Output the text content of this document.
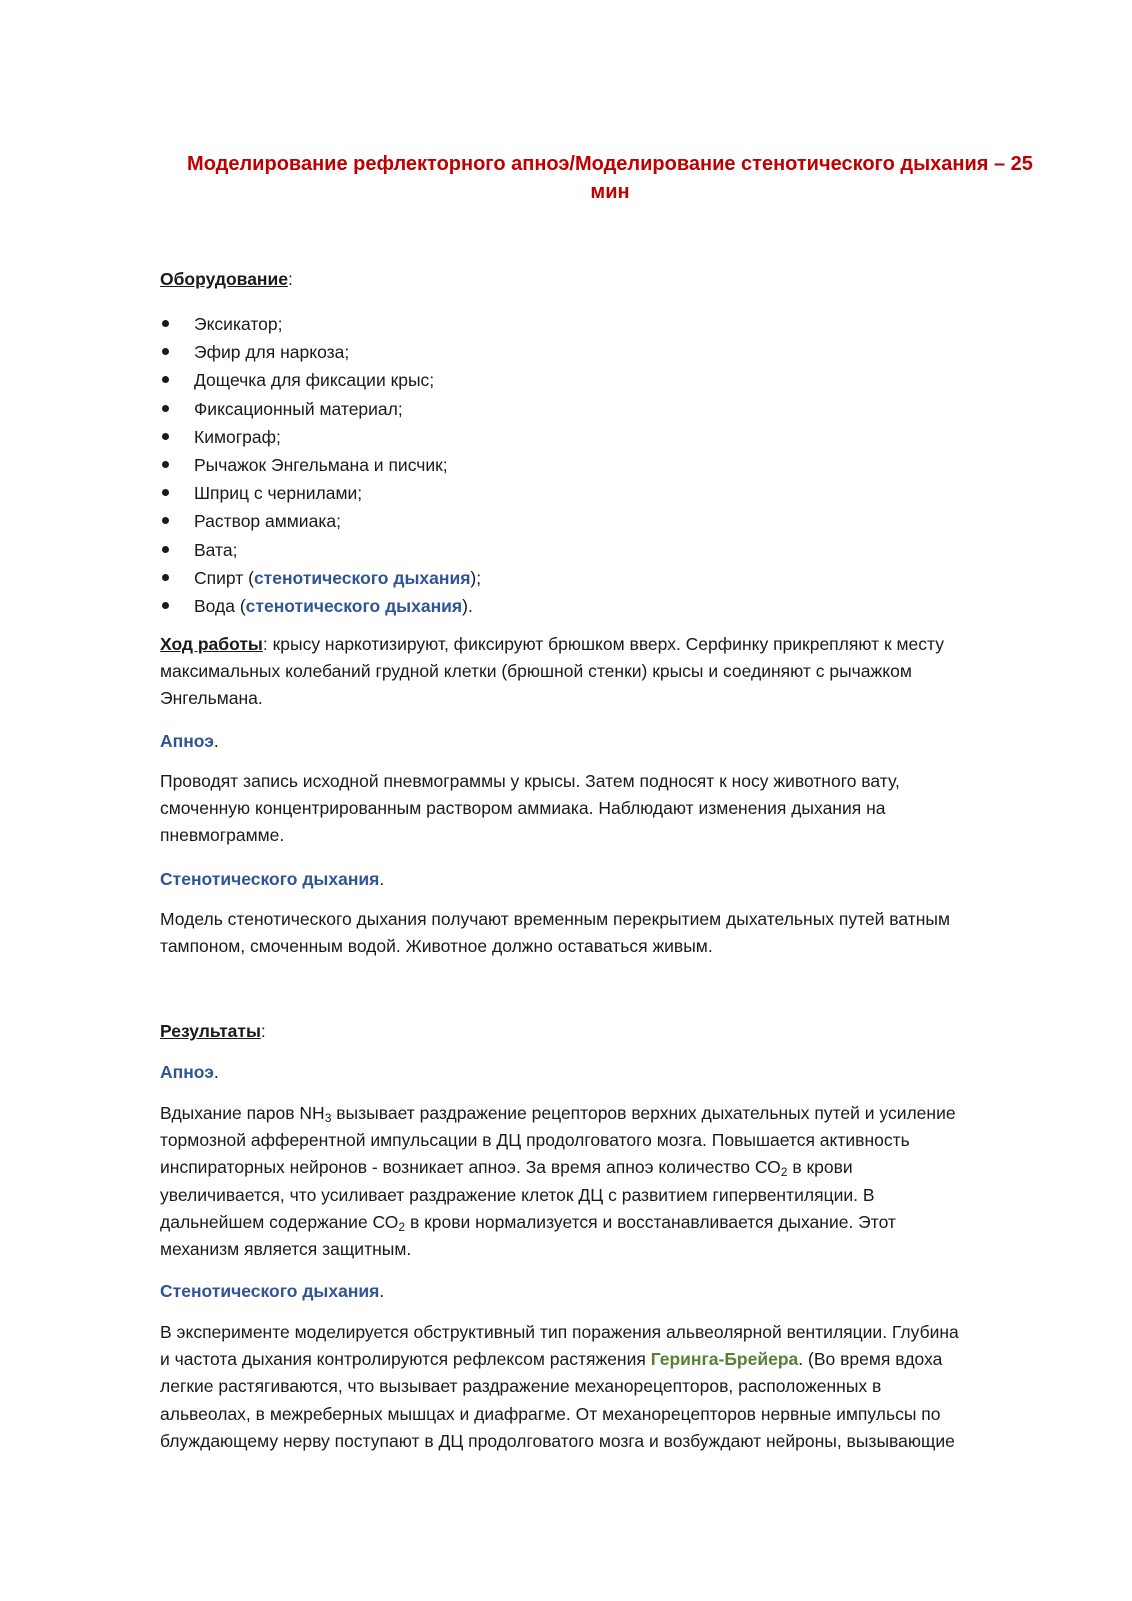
Моделирование рефлекторного апноэ/Моделирование стенотического дыхания – 25
мин
Оборудование:
Эксикатор;
Эфир для наркоза;
Дощечка для фиксации крыс;
Фиксационный материал;
Кимограф;
Рычажок Энгельмана и писчик;
Шприц с чернилами;
Раствор аммиака;
Вата;
Спирт (стенотического дыхания);
Вода (стенотического дыхания).
Ход работы: крысу наркотизируют, фиксируют брюшком вверх. Серфинку прикрепляют к месту
максимальных колебаний грудной клетки (брюшной стенки) крысы и соединяют с рычажком
Энгельмана.
Апноэ.
Проводят запись исходной пневмограммы у крысы. Затем подносят к носу животного вату,
смоченную концентрированным раствором аммиака. Наблюдают изменения дыхания на
пневмограмме.
Стенотического дыхания.
Модель стенотического дыхания получают временным перекрытием дыхательных путей ватным
тампоном, смоченным водой. Животное должно оставаться живым.
Результаты:
Апноэ.
Вдыхание паров $NH_3$ вызывает раздражение рецепторов верхних дыхательных путей и усиление
тормозной афферентной импульсации в ДЦ продолговатого мозга. Повышается активность
инспираторных нейронов - возникает апноэ. За время апноэ количество $СО_2$ в крови
увеличивается, что усиливает раздражение клеток ДЦ с развитием гипервентиляции. В
дальнейшем содержание $СО_2$ в крови нормализуется и восстанавливается дыхание. Этот
механизм является защитным.
Стенотического дыхания.
В эксперименте моделируется обструктивный тип поражения альвеолярной вентиляции. Глубина
и частота дыхания контролируются рефлексом растяжения Геринга-Брейера. (Во время вдоха
легкие растягиваются, что вызывает раздражение механорецепторов, расположенных в
альвеолах, в межреберных мышцах и диафрагме. От механорецепторов нервные импульсы по
блуждающему нерву поступают в ДЦ продолговатого мозга и возбуждают нейроны, вызывающие
